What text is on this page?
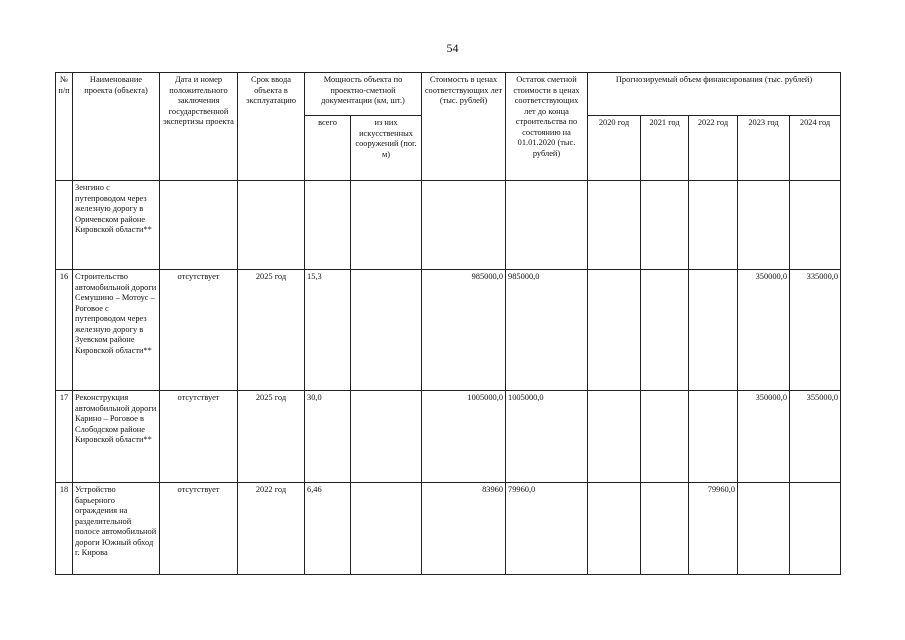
54
№ п/п	Наименование проекта (объекта)	Дата и номер положительного заключения государственной экспертизы проекта	Срок ввода объекта в эксплуатацию	Мощность объекта по проектно-сметной документации (км, шт.)		Стоимость в ценах соответствующих лет (тыс. рублей)	Остаток сметной стоимости в ценах соответствующих лет до конца строительства по состоянию на 01.01.2020 (тыс. рублей)	Прогнозируемый объем финансирования (тыс. рублей)				
				всего	из них искусственных сооружений (пог. м)			2020 год	2021 год	2022 год	2023 год	2024 год
	Зенгино с путепроводом через железную дорогу в Оричевском районе Кировской области**											
16	Строительство автомобильной дороги Семушино – Мотоус – Роговое с путепроводом через железную дорогу в Зуевском районе Кировской области**	отсутствует	2025 год	15,3		985000,0	985000,0				350000,0	335000,0
17	Реконструкция автомобильной дороги Карино – Роговое в Слободском районе Кировской области**	отсутствует	2025 год	30,0		1005000,0	1005000,0				350000,0	355000,0
18	Устройство барьерного ограждения на разделительной полосе автомобильной дороги Южный обход г. Кирова	отсутствует	2022 год	6,46		83960	79960,0			79960,0		
